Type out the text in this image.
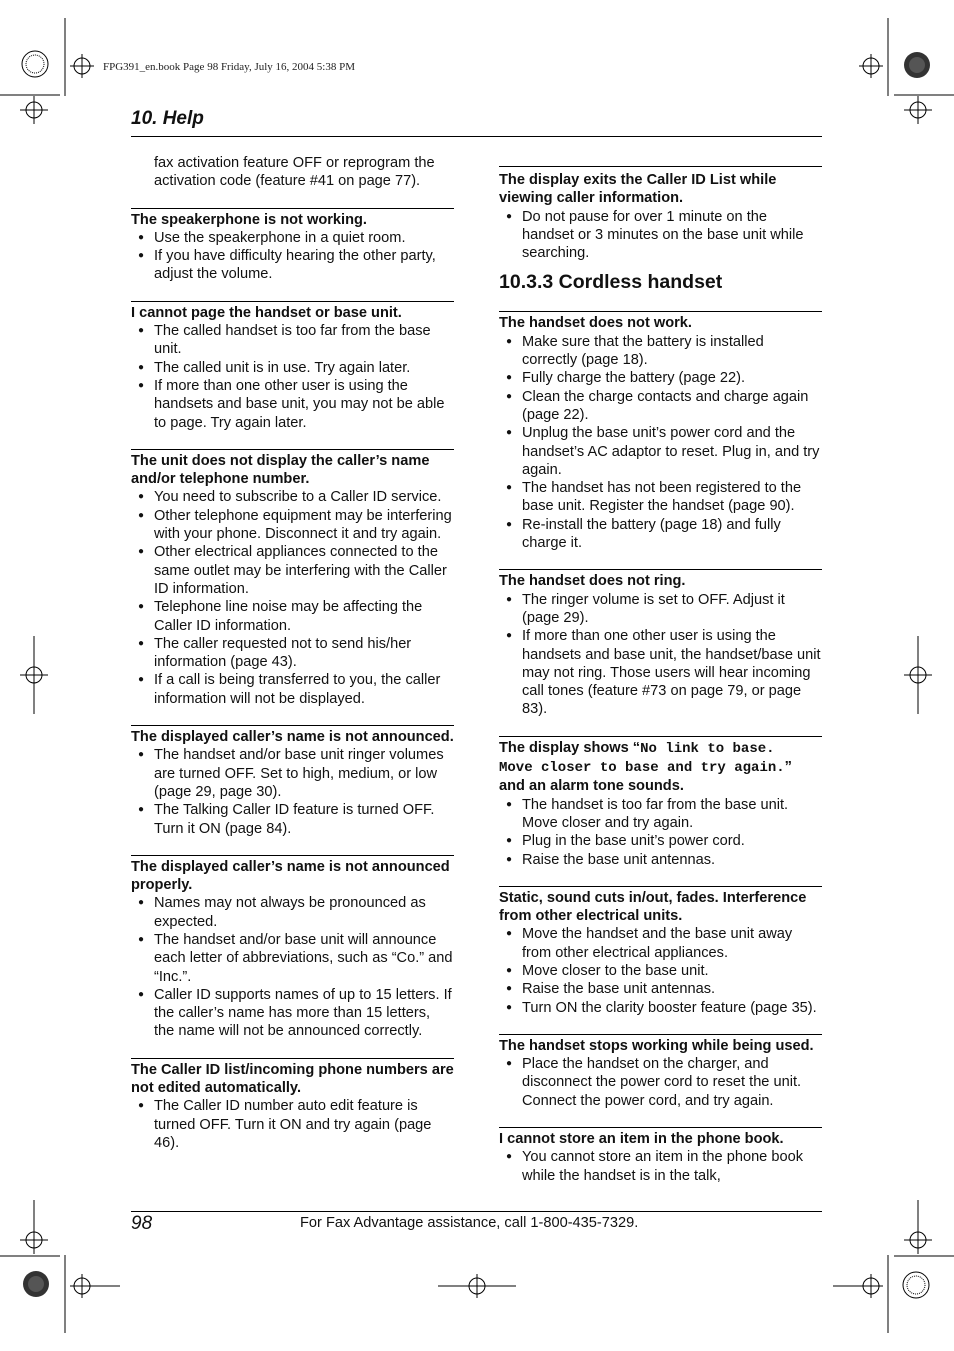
FPG391_en.book Page 98 Friday, July 16, 2004 5:38 PM
10. Help
fax activation feature OFF or reprogram the activation code (feature #41 on page 77).
The speakerphone is not working.
● Use the speakerphone in a quiet room.
● If you have difficulty hearing the other party, adjust the volume.
I cannot page the handset or base unit.
● The called handset is too far from the base unit.
● The called unit is in use. Try again later.
● If more than one other user is using the handsets and base unit, you may not be able to page. Try again later.
The unit does not display the caller’s name and/or telephone number.
● You need to subscribe to a Caller ID service.
● Other telephone equipment may be interfering with your phone. Disconnect it and try again.
● Other electrical appliances connected to the same outlet may be interfering with the Caller ID information.
● Telephone line noise may be affecting the Caller ID information.
● The caller requested not to send his/her information (page 43).
● If a call is being transferred to you, the caller information will not be displayed.
The displayed caller’s name is not announced.
● The handset and/or base unit ringer volumes are turned OFF. Set to high, medium, or low (page 29, page 30).
● The Talking Caller ID feature is turned OFF. Turn it ON (page 84).
The displayed caller’s name is not announced properly.
● Names may not always be pronounced as expected.
● The handset and/or base unit will announce each letter of abbreviations, such as “Co.” and “Inc.”.
● Caller ID supports names of up to 15 letters. If the caller’s name has more than 15 letters, the name will not be announced correctly.
The Caller ID list/incoming phone numbers are not edited automatically.
● The Caller ID number auto edit feature is turned OFF. Turn it ON and try again (page 46).
The display exits the Caller ID List while viewing caller information.
● Do not pause for over 1 minute on the handset or 3 minutes on the base unit while searching.
10.3.3 Cordless handset
The handset does not work.
● Make sure that the battery is installed correctly (page 18).
● Fully charge the battery (page 22).
● Clean the charge contacts and charge again (page 22).
● Unplug the base unit’s power cord and the handset’s AC adaptor to reset. Plug in, and try again.
● The handset has not been registered to the base unit. Register the handset (page 90).
● Re-install the battery (page 18) and fully charge it.
The handset does not ring.
● The ringer volume is set to OFF. Adjust it (page 29).
● If more than one other user is using the handsets and base unit, the handset/base unit may not ring. Those users will hear incoming call tones (feature #73 on page 79, or page 83).
The display shows “No link to base.
Move closer to base and try again.”
and an alarm tone sounds.
● The handset is too far from the base unit. Move closer and try again.
● Plug in the base unit’s power cord.
● Raise the base unit antennas.
Static, sound cuts in/out, fades. Interference from other electrical units.
● Move the handset and the base unit away from other electrical appliances.
● Move closer to the base unit.
● Raise the base unit antennas.
● Turn ON the clarity booster feature (page 35).
The handset stops working while being used.
● Place the handset on the charger, and disconnect the power cord to reset the unit. Connect the power cord, and try again.
I cannot store an item in the phone book.
● You cannot store an item in the phone book while the handset is in the talk,
98	For Fax Advantage assistance, call 1-800-435-7329.
